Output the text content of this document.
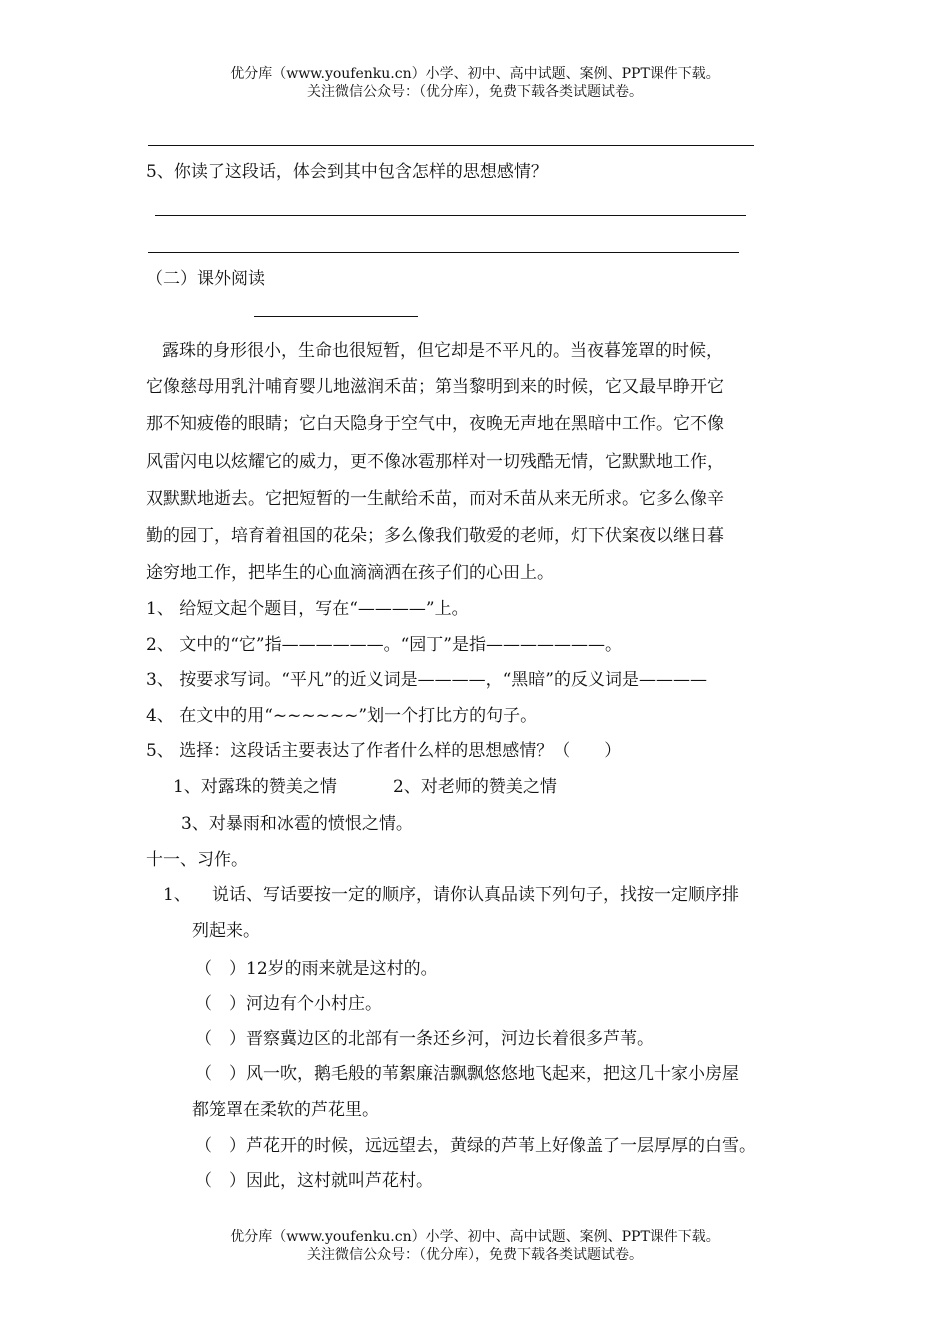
优分库（www.youfenku.cn）小学、初中、高中试题、案例、PPT课件下载。
关注微信公众号：（优分库），免费下载各类试题试卷。
5、你读了这段话，体会到其中包含怎样的思想感情？
（二）课外阅读
露珠的身形很小，生命也很短暂，但它却是不平凡的。当夜暮笼罩的时候，
它像慈母用乳汁哺育婴儿地滋润禾苗；第当黎明到来的时候，它又最早睁开它
那不知疲倦的眼睛；它白天隐身于空气中，夜晚无声地在黑暗中工作。它不像
风雷闪电以炫耀它的威力，更不像冰雹那样对一切残酷无情，它默默地工作，
双默默地逝去。它把短暂的一生献给禾苗，而对禾苗从来无所求。它多么像辛
勤的园丁，培育着祖国的花朵；多么像我们敬爱的老师，灯下伏案夜以继日暮
途穷地工作，把毕生的心血滴滴洒在孩子们的心田上。
1、 给短文起个题目，写在“————”上。
2、 文中的“它”指——————。“园丁”是指———————。
3、 按要求写词。“平凡”的近义词是————，“黑暗”的反义词是————
4、 在文中的用“~~~~~~”划一个打比方的句子。
5、 选择：这段话主要表达了作者什么样的思想感情？（　　）
1、对露珠的赞美之情	2、对老师的赞美之情
3、对暴雨和冰雹的愤恨之情。
十一、习作。
1、 说话、写话要按一定的顺序，请你认真品读下列句子，找按一定顺序排
列起来。
（　）12岁的雨来就是这村的。
（　）河边有个小村庄。
（　）晋察冀边区的北部有一条还乡河，河边长着很多芦苇。
（　）风一吹，鹅毛般的苇絮廉洁飘飘悠悠地飞起来，把这几十家小房屋
都笼罩在柔软的芦花里。
（　）芦花开的时候，远远望去，黄绿的芦苇上好像盖了一层厚厚的白雪。
（　）因此，这村就叫芦花村。
优分库（www.youfenku.cn）小学、初中、高中试题、案例、PPT课件下载。
关注微信公众号：（优分库），免费下载各类试题试卷。
